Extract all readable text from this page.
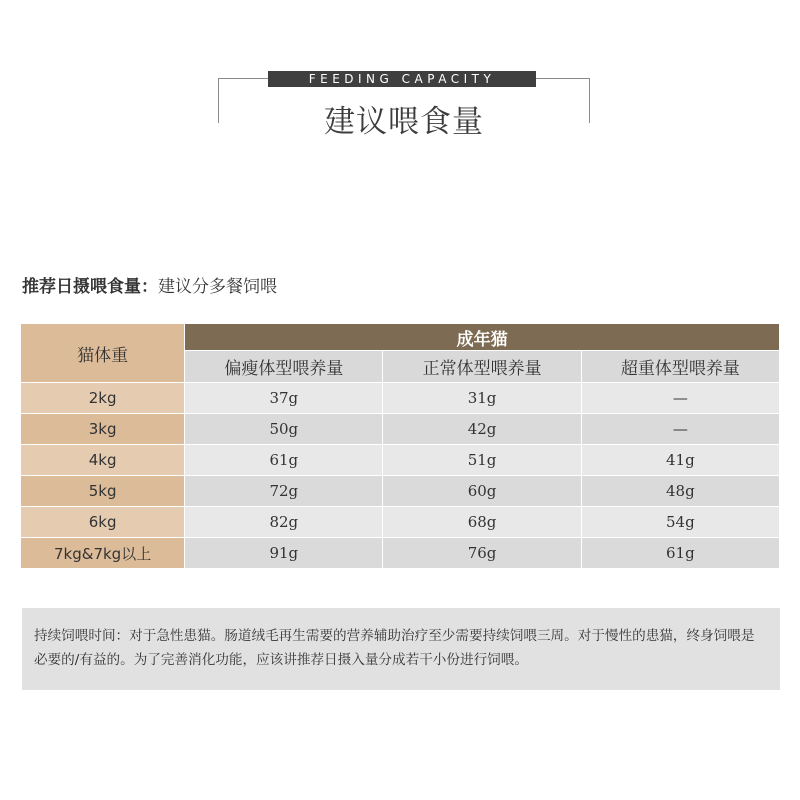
FEEDING CAPACITY
建议喂食量
推荐日摄喂食量：建议分多餐饲喂
猫体重	成年猫		
	偏瘦体型喂养量	正常体型喂养量	超重体型喂养量
2kg	37g	31g	—
3kg	50g	42g	—
4kg	61g	51g	41g
5kg	72g	60g	48g
6kg	82g	68g	54g
7kg&7kg以上	91g	76g	61g
持续饲喂时间：对于急性患猫。肠道绒毛再生需要的营养辅助治疗至少需要持续饲喂三周。对于慢性的患猫，终身饲喂是必要的/有益的。为了完善消化功能，应该讲推荐日摄入量分成若干小份进行饲喂。
